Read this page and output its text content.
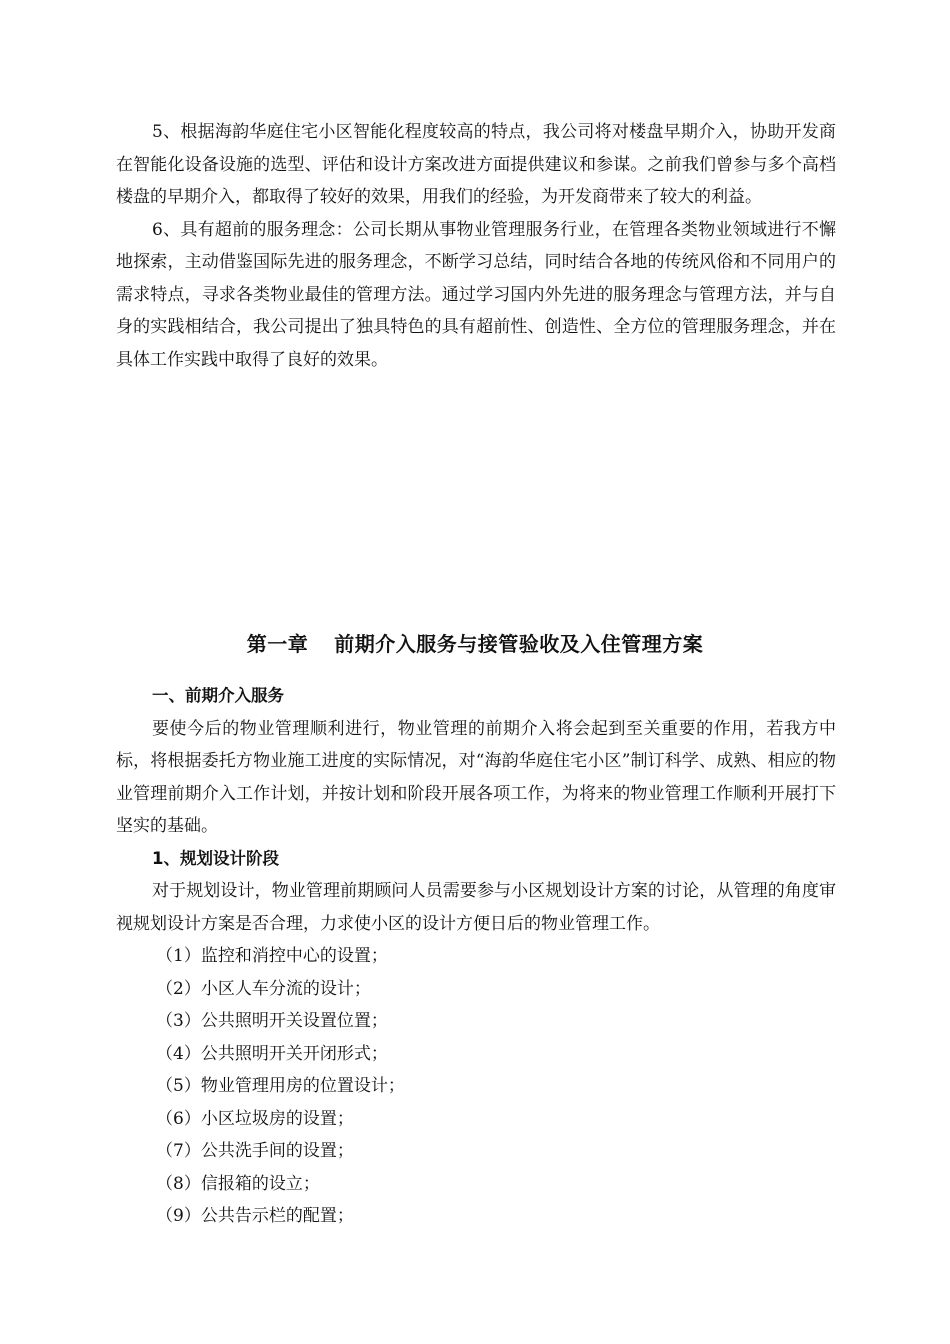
5、根据海韵华庭住宅小区智能化程度较高的特点，我公司将对楼盘早期介入，协助开发商在智能化设备设施的选型、评估和设计方案改进方面提供建议和参谋。之前我们曾参与多个高档楼盘的早期介入，都取得了较好的效果，用我们的经验，为开发商带来了较大的利益。

6、具有超前的服务理念：公司长期从事物业管理服务行业，在管理各类物业领域进行不懈地探索，主动借鉴国际先进的服务理念，不断学习总结，同时结合各地的传统风俗和不同用户的需求特点，寻求各类物业最佳的管理方法。通过学习国内外先进的服务理念与管理方法，并与自身的实践相结合，我公司提出了独具特色的具有超前性、创造性、全方位的管理服务理念，并在具体工作实践中取得了良好的效果。

第一章 前期介入服务与接管验收及入住管理方案

一、前期介入服务

要使今后的物业管理顺利进行，物业管理的前期介入将会起到至关重要的作用，若我方中标，将根据委托方物业施工进度的实际情况，对“海韵华庭住宅小区”制订科学、成熟、相应的物业管理前期介入工作计划，并按计划和阶段开展各项工作，为将来的物业管理工作顺利开展打下坚实的基础。

1、规划设计阶段

对于规划设计，物业管理前期顾问人员需要参与小区规划设计方案的讨论，从管理的角度审视规划设计方案是否合理，力求使小区的设计方便日后的物业管理工作。

（1）监控和消控中心的设置；

（2）小区人车分流的设计；

（3）公共照明开关设置位置；

（4）公共照明开关开闭形式；

（5）物业管理用房的位置设计；

（6）小区垃圾房的设置；

（7）公共洗手间的设置；

（8）信报箱的设立；

（9）公共告示栏的配置；
